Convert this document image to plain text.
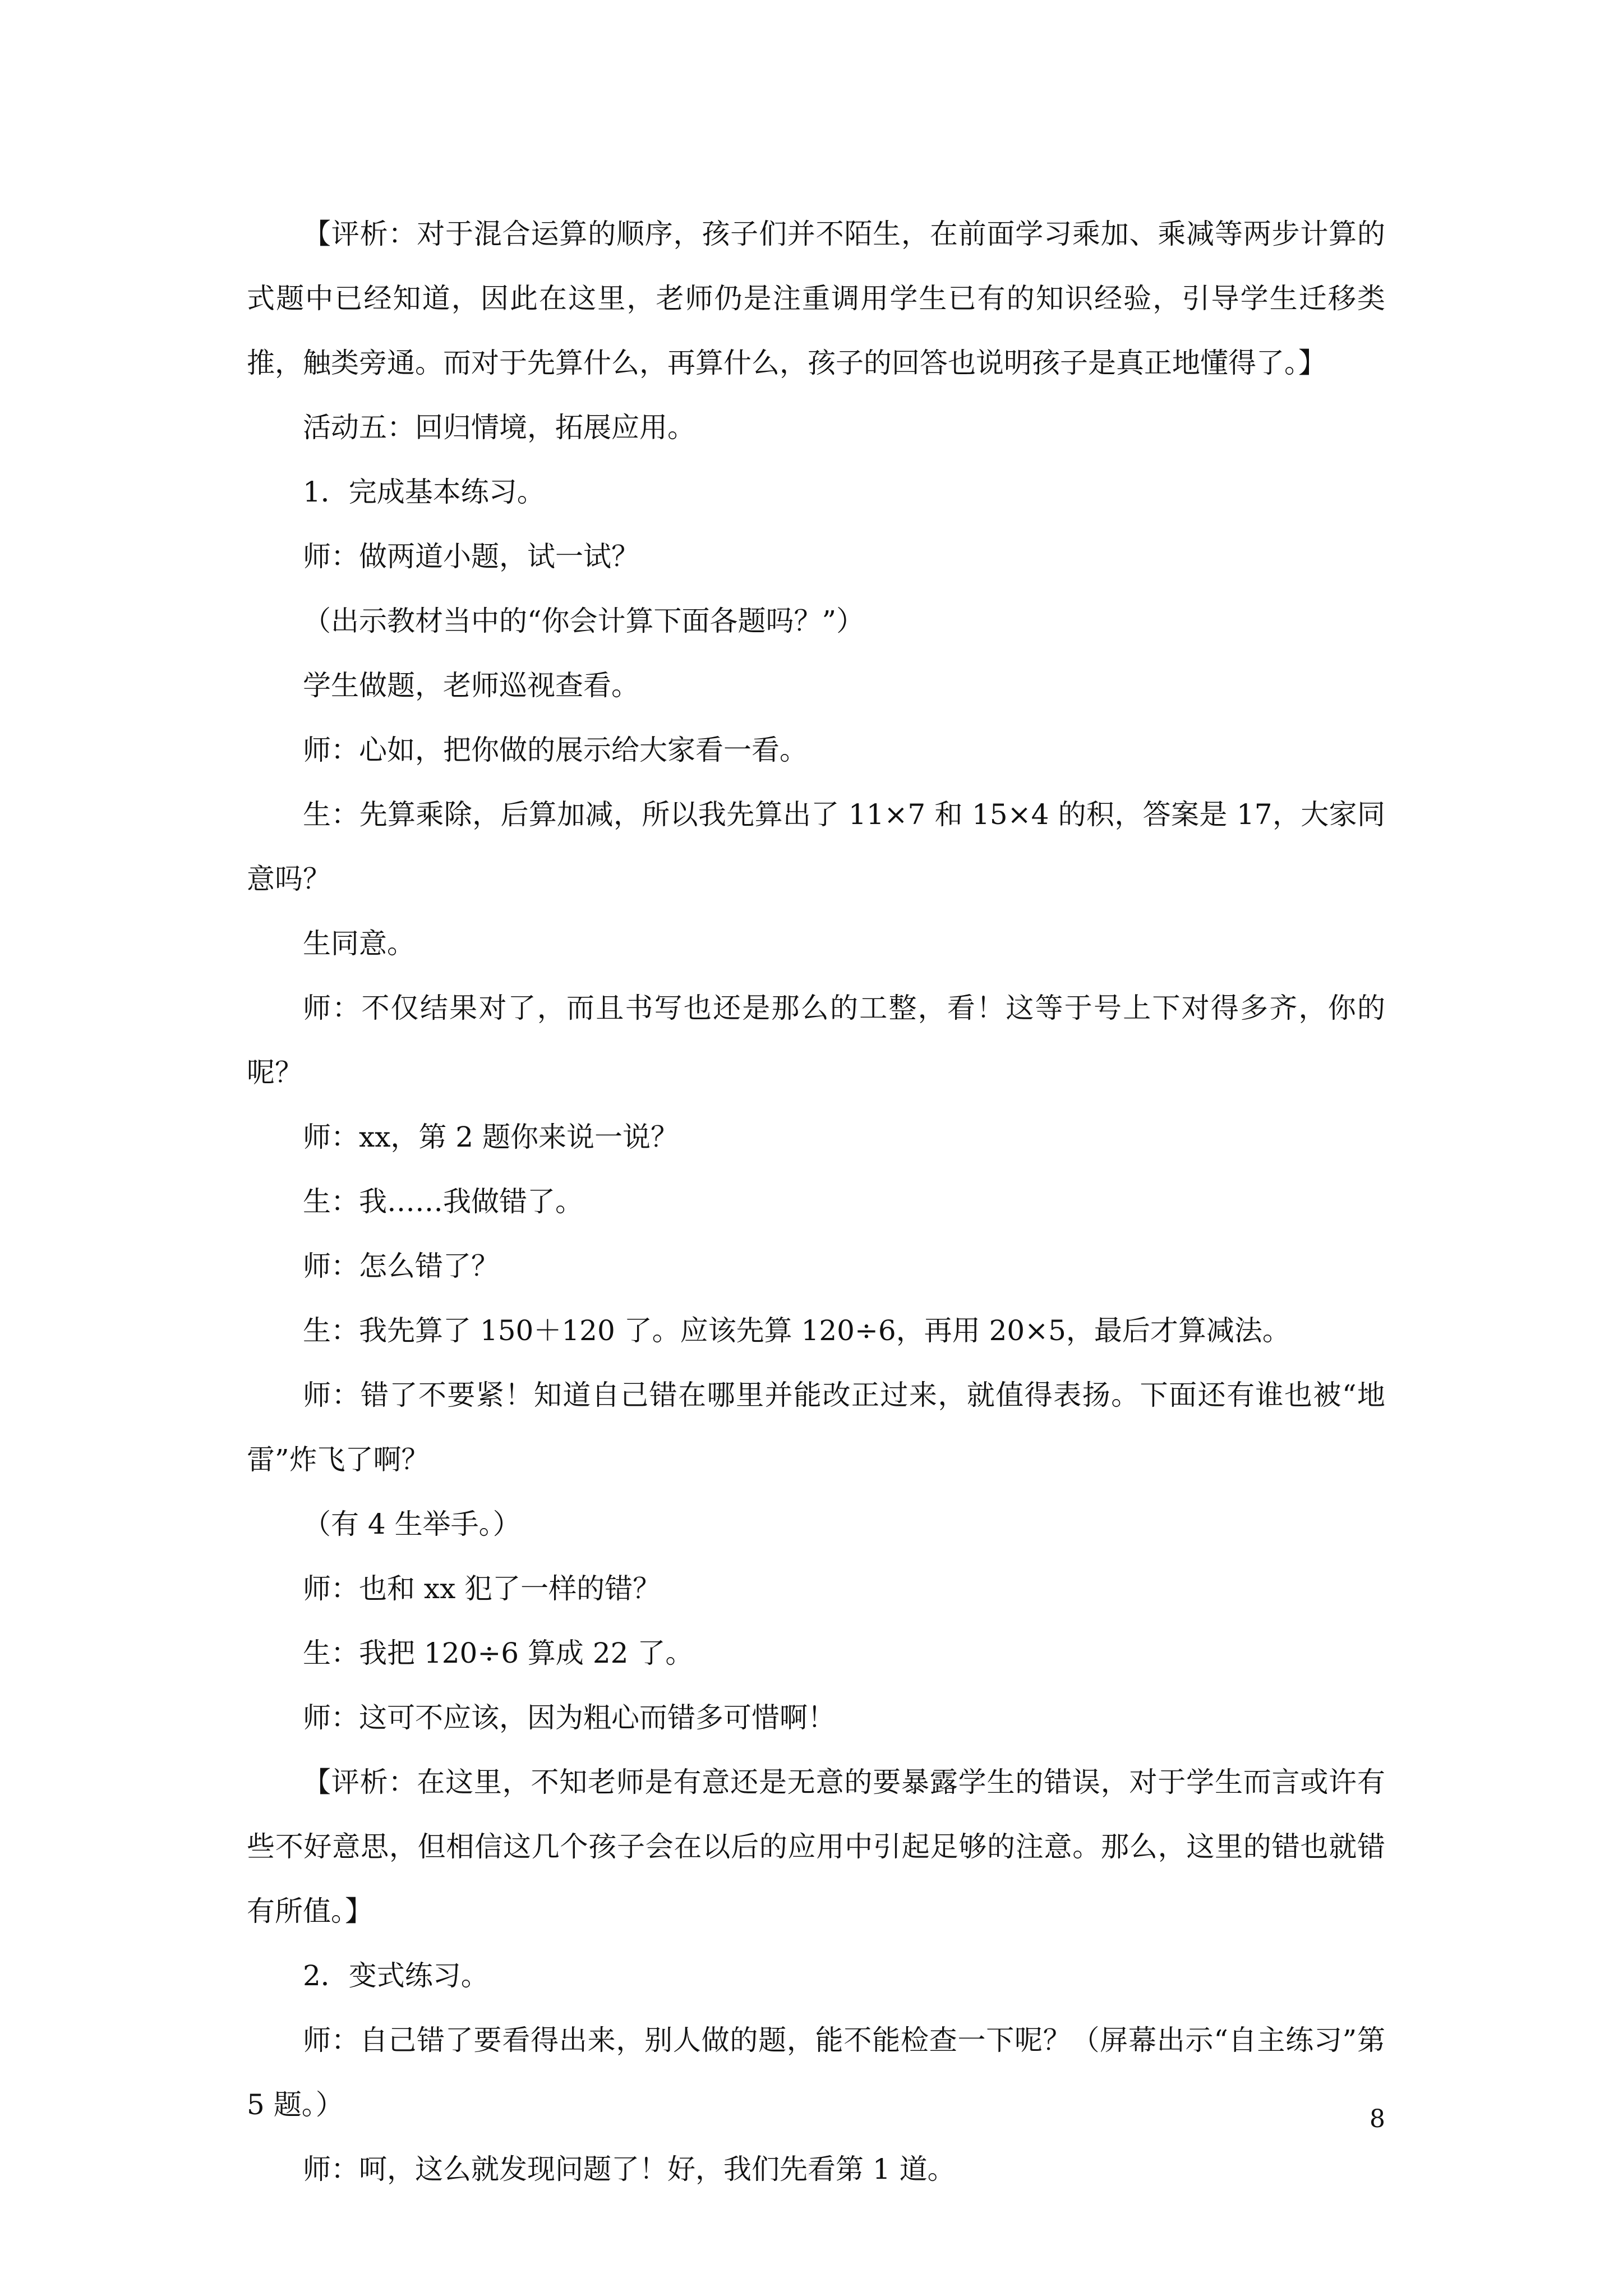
【评析：对于混合运算的顺序，孩子们并不陌生，在前面学习乘加、乘减等两步计算的式题中已经知道，因此在这里，老师仍是注重调用学生已有的知识经验，引导学生迁移类推，触类旁通。而对于先算什么，再算什么，孩子的回答也说明孩子是真正地懂得了。】

活动五：回归情境，拓展应用。

1．完成基本练习。

师：做两道小题，试一试？

（出示教材当中的“你会计算下面各题吗？”）

学生做题，老师巡视查看。

师：心如，把你做的展示给大家看一看。

生：先算乘除，后算加减，所以我先算出了 11×7 和 15×4 的积，答案是 17，大家同意吗？

生同意。

师：不仅结果对了，而且书写也还是那么的工整，看！这等于号上下对得多齐，你的呢？

师：xx，第 2 题你来说一说？

生：我……我做错了。

师：怎么错了？

生：我先算了 150＋120 了。应该先算 120÷6，再用 20×5，最后才算减法。

师：错了不要紧！知道自己错在哪里并能改正过来，就值得表扬。下面还有谁也被“地雷”炸飞了啊？

（有 4 生举手。）

师：也和 xx 犯了一样的错？

生：我把 120÷6 算成 22 了。

师：这可不应该，因为粗心而错多可惜啊！

【评析：在这里，不知老师是有意还是无意的要暴露学生的错误，对于学生而言或许有些不好意思，但相信这几个孩子会在以后的应用中引起足够的注意。那么，这里的错也就错有所值。】

2．变式练习。

师：自己错了要看得出来，别人做的题，能不能检查一下呢？（屏幕出示“自主练习”第 5 题。）

师：呵，这么就发现问题了！好，我们先看第 1 道。

8
